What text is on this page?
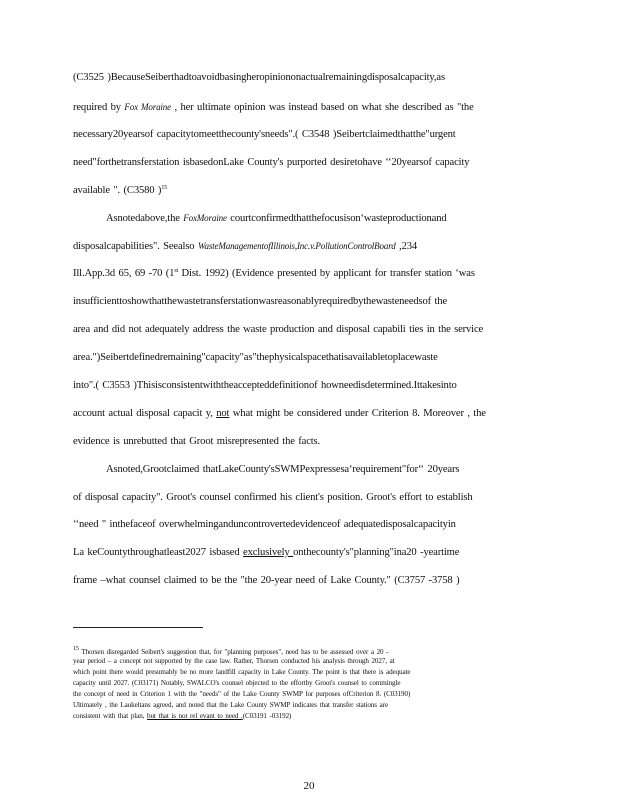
(C3525 )BecauseSeiberthadtoavoidbasingheropiniononactualremainingdisposalcapacity,as
required by Fox Moraine , her ultimate opinion was instead based on what she described as "the
necessary20yearsof capacitytomeetthecounty'sneeds".( C3548 )Seibertclaimedthatthe"urgent
need"forthetransferstation isbasedonLake County's purported desiretohave ‘‘20yearsof capacity
available ". (C3580 )$^{15}$
Asnotedabove,the FoxMoraine courtconfirmedthatthefocusison‘wasteproductionand
disposalcapabilities". Seealso WasteManagementofIllinois,Inc.v.PollutionControlBoard ,234
Ill.App.3d 65, 69 -70 (1st Dist. 1992) (Evidence presented by applicant for transfer station ‘was
insufficienttoshowthatthewastetransferstationwasreasonablyrequiredbythewasteneedsof the
area and did not adequately address the waste production and disposal capabili ties in the service
area.")Seibertdefinedremaining"capacity"as"thephysicalspacethatisavailabletoplacewaste
into".( C3553 )Thisisconsistentwiththeaccepteddefinitionof howneedisdetermined.Ittakesinto
account actual disposal capacit y, not what might be considered under Criterion 8. Moreover , the
evidence is unrebutted that Groot misrepresented the facts.
Asnoted,Grootclaimed thatLakeCounty'sSWMPexpressesa‘requirement"for‘‘ 20years
of disposal capacity". Groot's counsel confirmed his client's position. Groot's effort to establish
‘‘need " inthefaceof overwhelminganduncontrovertedevidenceof adequatedisposalcapacityin
La keCountythroughatleast2027 isbased exclusively onthecounty's"planning"ina20 -yeartime
frame –what counsel claimed to be the "the 20-year need of Lake County." (C3757 -3758 )
$^{15}$ Thorsen disregarded Seibert's suggestion that, for "planning purposes", need has to be assessed over a 20 -
year period – a concept not supported by the case law. Rather, Thorsen conducted his analysis through 2027, at
which point there would presumably be no more landfill capacity in Lake County. The point is that there is adequate
capacity until 2027. (C03171) Notably, SWALCO's counsel objected to the effortby Groot's counsel to commingle
the concept of need in Criterion 1 with the "needs" of the Lake County SWMP for purposes ofCriterion 8. (C03190)
Ultimately , the Laukeltans agreed, and noted that the Lake County SWMP indicates that transfer stations are
consistent with that plan, but that is not rel evant to need .(C03191 -03192)
20
